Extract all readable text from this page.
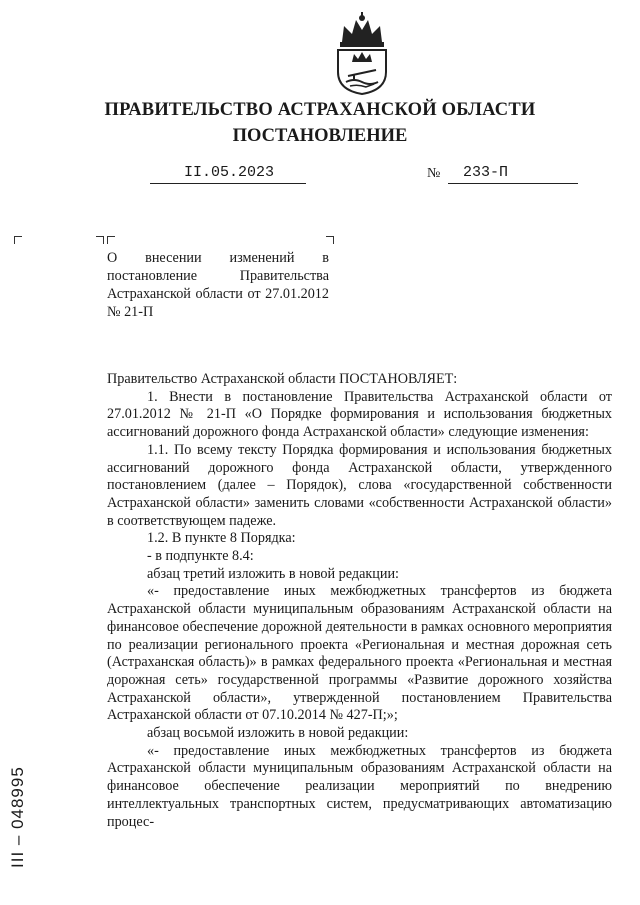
ПРАВИТЕЛЬСТВО АСТРАХАНСКОЙ ОБЛАСТИ
ПОСТАНОВЛЕНИЕ
II.05.2023	№ 233-П
О внесении изменений в постановление Правительства Астраханской области от 27.01.2012 № 21-П

Правительство Астраханской области ПОСТАНОВЛЯЕТ:

1. Внести в постановление Правительства Астраханской области от 27.01.2012 № 21-П «О Порядке формирования и использования бюджетных ассигнований дорожного фонда Астраханской области» следующие изменения:

1.1. По всему тексту Порядка формирования и использования бюджетных ассигнований дорожного фонда Астраханской области, утвержденного постановлением (далее – Порядок), слова «государственной собственности Астраханской области» заменить словами «собственности Астраханской области» в соответствующем падеже.

1.2. В пункте 8 Порядка:

- в подпункте 8.4:

абзац третий изложить в новой редакции:

«- предоставление иных межбюджетных трансфертов из бюджета Астраханской области муниципальным образованиям Астраханской области на финансовое обеспечение дорожной деятельности в рамках основного мероприятия по реализации регионального проекта «Региональная и местная дорожная сеть (Астраханская область)» в рамках федерального проекта «Региональная и местная дорожная сеть» государственной программы «Развитие дорожного хозяйства Астраханской области», утвержденной постановлением Правительства Астраханской области от 07.10.2014 № 427-П;»;

абзац восьмой изложить в новой редакции:

«- предоставление иных межбюджетных трансфертов из бюджета Астраханской области муниципальным образованиям Астраханской области на финансовое обеспечение реализации мероприятий по внедрению интеллектуальных транспортных систем, предусматривающих автоматизацию процес-

III – 048995
